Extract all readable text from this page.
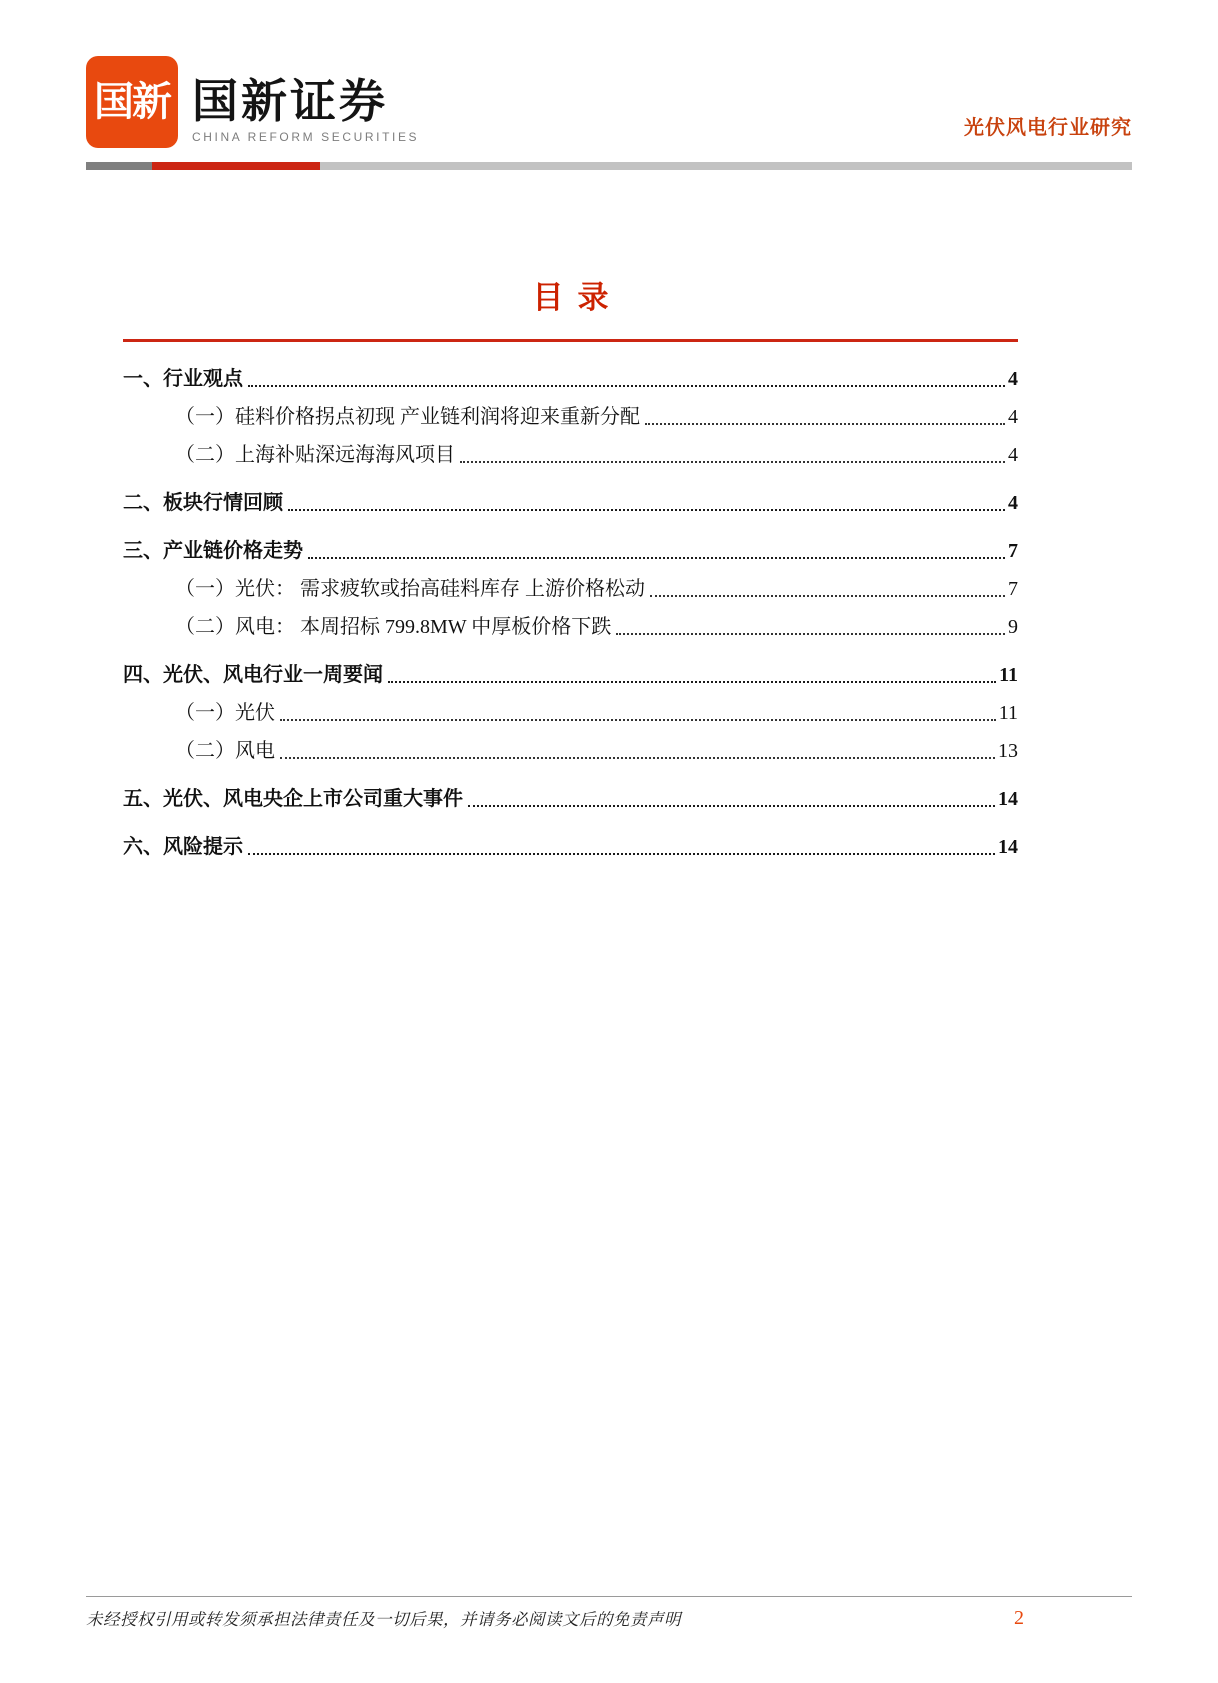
国新 国新证券
CHINA REFORM SECURITIES	光伏风电行业研究
目录
一、行业观点	4
（一）硅料价格拐点初现 产业链利润将迎来重新分配	4
（二）上海补贴深远海海风项目	4
二、板块行情回顾	4
三、产业链价格走势	7
（一）光伏： 需求疲软或抬高硅料库存 上游价格松动	7
（二）风电： 本周招标 799.8MW 中厚板价格下跌	9
四、光伏、风电行业一周要闻	11
（一）光伏	11
（二）风电	13
五、光伏、风电央企上市公司重大事件	14
六、风险提示	14
未经授权引用或转发须承担法律责任及一切后果，并请务必阅读文后的免责声明	2
